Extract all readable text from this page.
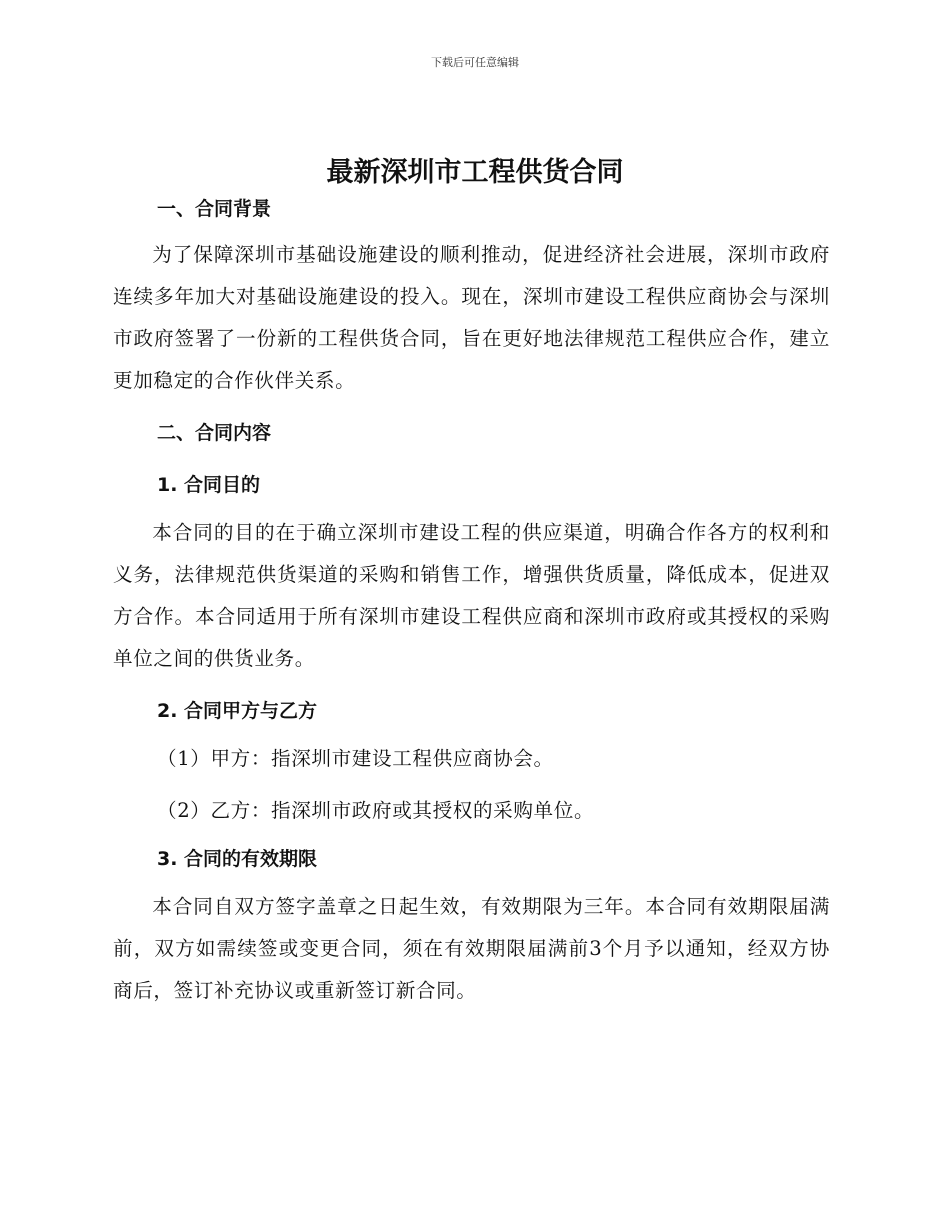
下载后可任意编辑
最新深圳市工程供货合同
一、合同背景

为了保障深圳市基础设施建设的顺利推动，促进经济社会进展，深圳市政府连续多年加大对基础设施建设的投入。现在，深圳市建设工程供应商协会与深圳市政府签署了一份新的工程供货合同，旨在更好地法律规范工程供应合作，建立更加稳定的合作伙伴关系。

二、合同内容
1. 合同目的

本合同的目的在于确立深圳市建设工程的供应渠道，明确合作各方的权利和义务，法律规范供货渠道的采购和销售工作，增强供货质量，降低成本，促进双方合作。本合同适用于所有深圳市建设工程供应商和深圳市政府或其授权的采购单位之间的供货业务。

2. 合同甲方与乙方

（1）甲方：指深圳市建设工程供应商协会。

（2）乙方：指深圳市政府或其授权的采购单位。

3. 合同的有效期限

本合同自双方签字盖章之日起生效，有效期限为三年。本合同有效期限届满前，双方如需续签或变更合同，须在有效期限届满前3个月予以通知，经双方协商后，签订补充协议或重新签订新合同。
